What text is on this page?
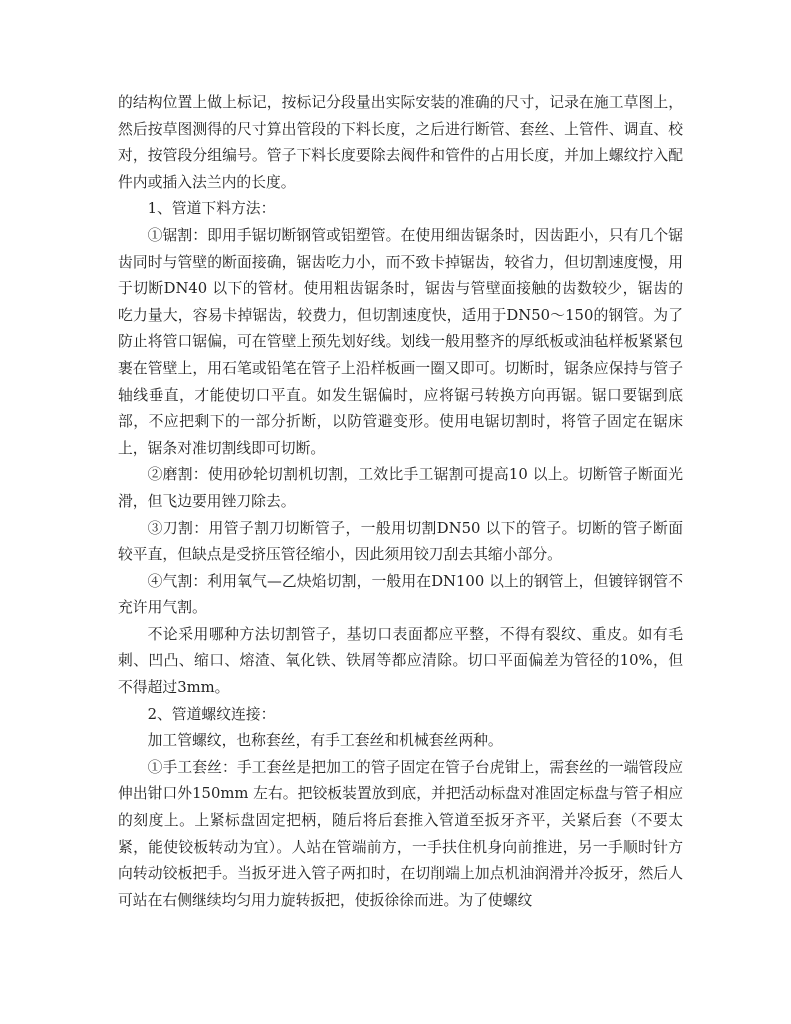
的结构位置上做上标记，按标记分段量出实际安装的准确的尺寸，记录在施工草图上，然后按草图测得的尺寸算出管段的下料长度，之后进行断管、套丝、上管件、调直、校对，按管段分组编号。管子下料长度要除去阀件和管件的占用长度，并加上螺纹拧入配件内或插入法兰内的长度。

1、管道下料方法：

①锯割：即用手锯切断钢管或铝塑管。在使用细齿锯条时，因齿距小，只有几个锯齿同时与管壁的断面接确，锯齿吃力小，而不致卡掉锯齿，较省力，但切割速度慢，用于切断DN40 以下的管材。使用粗齿锯条时，锯齿与管壁面接触的齿数较少，锯齿的吃力量大，容易卡掉锯齿，较费力，但切割速度快，适用于DN50～150的钢管。为了防止将管口锯偏，可在管壁上预先划好线。划线一般用整齐的厚纸板或油毡样板紧紧包裹在管壁上，用石笔或铅笔在管子上沿样板画一圈又即可。切断时，锯条应保持与管子轴线垂直，才能使切口平直。如发生锯偏时，应将锯弓转换方向再锯。锯口要锯到底部，不应把剩下的一部分折断，以防管避变形。使用电锯切割时，将管子固定在锯床上，锯条对准切割线即可切断。

②磨割：使用砂轮切割机切割，工效比手工锯割可提高10 以上。切断管子断面光滑，但飞边要用锉刀除去。

③刀割：用管子割刀切断管子，一般用切割DN50 以下的管子。切断的管子断面较平直，但缺点是受挤压管径缩小，因此须用铰刀刮去其缩小部分。

④气割：利用氧气—乙炔焰切割，一般用在DN100 以上的钢管上，但镀锌钢管不充许用气割。

不论采用哪种方法切割管子，基切口表面都应平整，不得有裂纹、重皮。如有毛刺、凹凸、缩口、熔渣、氧化铁、铁屑等都应清除。切口平面偏差为管径的10%，但不得超过3mm。

2、管道螺纹连接：

加工管螺纹，也称套丝，有手工套丝和机械套丝两种。

①手工套丝：手工套丝是把加工的管子固定在管子台虎钳上，需套丝的一端管段应伸出钳口外150mm 左右。把铰板装置放到底，并把活动标盘对准固定标盘与管子相应的刻度上。上紧标盘固定把柄，随后将后套推入管道至扳牙齐平，关紧后套（不要太紧，能使铰板转动为宜）。人站在管端前方，一手扶住机身向前推进，另一手顺时针方向转动铰板把手。当扳牙进入管子两扣时，在切削端上加点机油润滑并冷扳牙，然后人可站在右侧继续均匀用力旋转扳把，使扳徐徐而进。为了使螺纹
